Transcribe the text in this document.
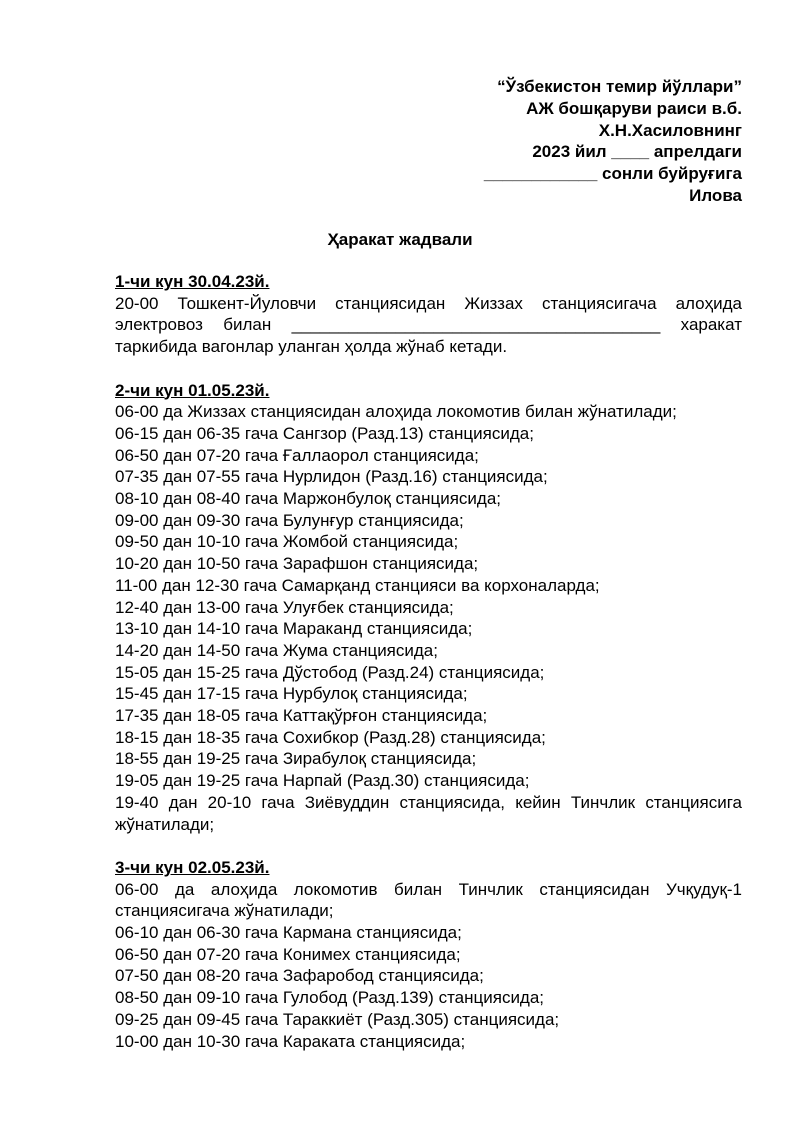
“Ўзбекистон темир йўллари”
АЖ бошқаруви раиси в.б.
Х.Н.Хасиловнинг
2023 йил ____ апрелдаги
____________ сонли буйруғига
Илова
Ҳаракат жадвали
1-чи кун 30.04.23й.
20-00 Тошкент-Йуловчи станциясидан Жиззах станциясигача алоҳида электровоз билан _______________________________________ харакат таркибида вагонлар уланган ҳолда жўнаб кетади.
2-чи кун 01.05.23й.
06-00 да Жиззах станциясидан алоҳида локомотив билан жўнатилади;
06-15 дан 06-35 гача Сангзор (Разд.13) станциясида;
06-50 дан 07-20 гача Ғаллаорол станциясида;
07-35 дан 07-55 гача Нурлидон (Разд.16) станциясида;
08-10 дан 08-40 гача Маржонбулоқ станциясида;
09-00 дан 09-30 гача Булунғур станциясида;
09-50 дан 10-10 гача Жомбой станциясида;
10-20 дан 10-50 гача Зарафшон станциясида;
11-00 дан 12-30 гача Самарқанд станцияси ва корхоналарда;
12-40 дан 13-00 гача Улуғбек станциясида;
13-10 дан 14-10 гача Мараканд станциясида;
14-20 дан 14-50 гача Жума станциясида;
15-05 дан 15-25 гача Дўстобод (Разд.24) станциясида;
15-45 дан 17-15 гача Нурбулоқ станциясида;
17-35 дан 18-05 гача Каттақўрғон станциясида;
18-15 дан 18-35 гача Сохибкор (Разд.28) станциясида;
18-55 дан 19-25 гача Зирабулоқ станциясида;
19-05 дан 19-25 гача Нарпай (Разд.30) станциясида;
19-40 дан 20-10 гача Зиёвуддин станциясида, кейин Тинчлик станциясига жўнатилади;
3-чи кун 02.05.23й.
06-00 да алоҳида локомотив билан Тинчлик станциясидан Учқудуқ-1 станциясигача жўнатилади;
06-10 дан 06-30 гача Кармана станциясида;
06-50 дан 07-20 гача Конимех станциясида;
07-50 дан 08-20 гача Зафаробод станциясида;
08-50 дан 09-10 гача Гулобод (Разд.139) станциясида;
09-25 дан 09-45 гача Тараккиёт (Разд.305) станциясида;
10-00 дан 10-30 гача Караката станциясида;
